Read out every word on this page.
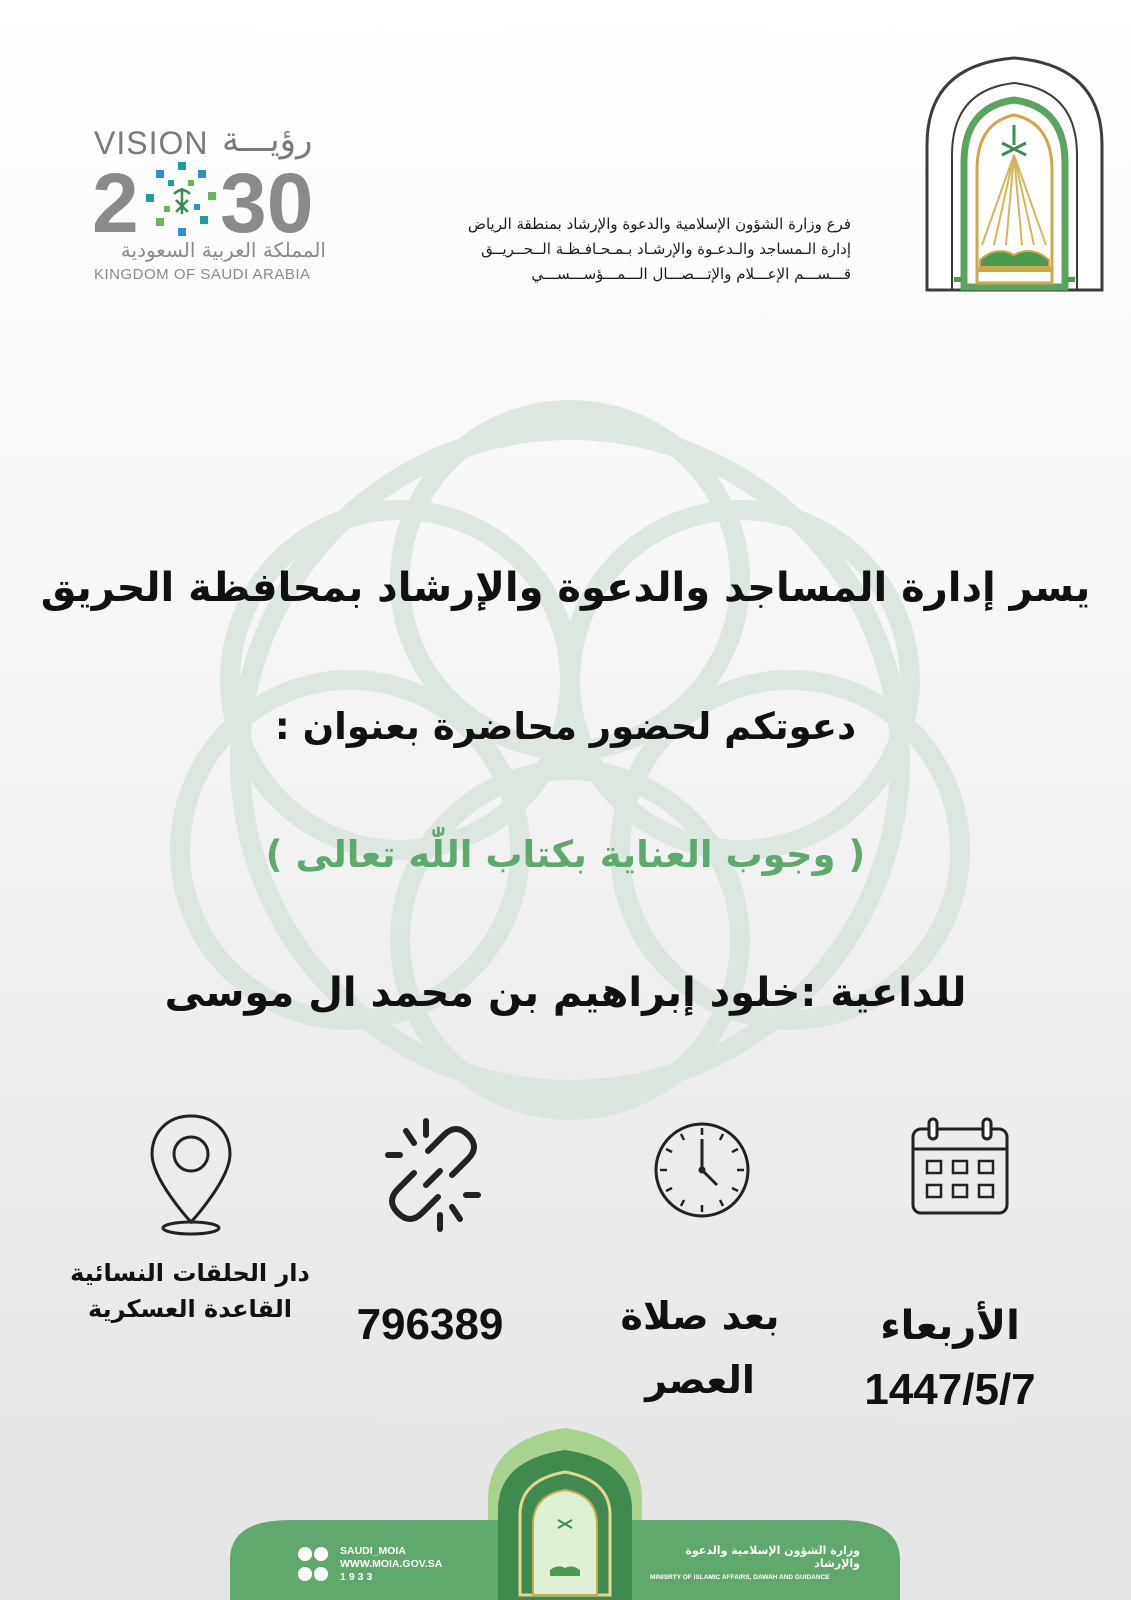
VISION رؤيـــة
2 30
المملكة العربية السعودية
KINGDOM OF SAUDI ARABIA
فرع وزارة الشؤون الإسلامية والدعوة والإرشاد بمنطقة الرياض
إدارة الـمساجد والـدعـوة والإرشـاد بـمـحـافـظـة الــحــريــق
قـــســـم الإعـــلام والإتـــصـــال الـــمـــؤســـســـي
يسر إدارة المساجد والدعوة والإرشاد بمحافظة الحريق
دعوتكم لحضور محاضرة بعنوان :
( وجوب العناية بكتاب اللّٰه تعالى )
للداعية :خلود إبراهيم بن محمد ال موسى
دار الحلقات النسائية
القاعدة العسكرية	796389	بعد صلاة
العصر
الأربعاء
1447/5/7

SAUDI_MOIA
WWW.MOIA.GOV.SA
1933
وزارة الشؤون الإسلامية والدعوة والإرشاد
MINISRTY OF ISLAMIC AFFAIRS, DAWAH AND GUIDANCE
